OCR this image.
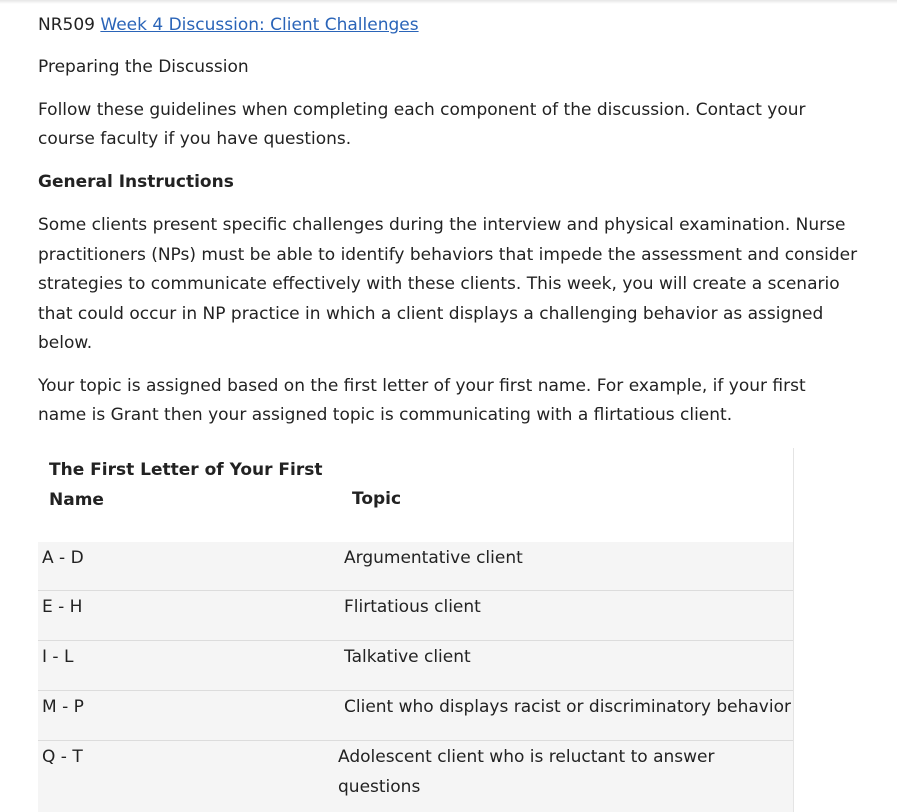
NR509 Week 4 Discussion: Client Challenges

Preparing the Discussion

Follow these guidelines when completing each component of the discussion. Contact your course faculty if you have questions.

General Instructions

Some clients present specific challenges during the interview and physical examination. Nurse practitioners (NPs) must be able to identify behaviors that impede the assessment and consider strategies to communicate effectively with these clients. This week, you will create a scenario that could occur in NP practice in which a client displays a challenging behavior as assigned below.

Your topic is assigned based on the first letter of your first name. For example, if your first name is Grant then your assigned topic is communicating with a flirtatious client.

The First Letter of Your First Name	Topic
A - D	Argumentative client
E - H	Flirtatious client
I - L	Talkative client
M - P	Client who displays racist or discriminatory behavior
Q - T	Adolescent client who is reluctant to answer questions
